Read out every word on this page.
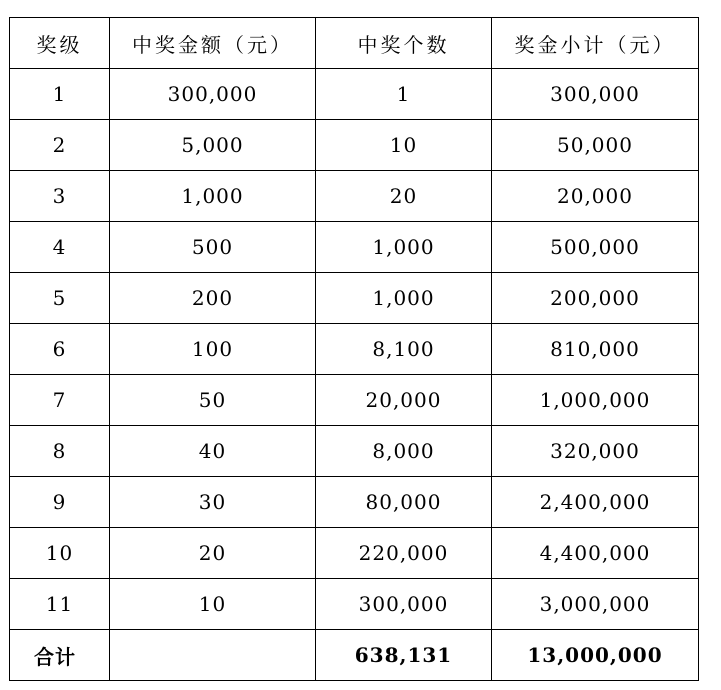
奖级	中奖金额（元）	中奖个数	奖金小计（元）
1	300,000	1	300,000
2	5,000	10	50,000
3	1,000	20	20,000
4	500	1,000	500,000
5	200	1,000	200,000
6	100	8,100	810,000
7	50	20,000	1,000,000
8	40	8,000	320,000
9	30	80,000	2,400,000
10	20	220,000	4,400,000
11	10	300,000	3,000,000
合计		638,131	13,000,000
